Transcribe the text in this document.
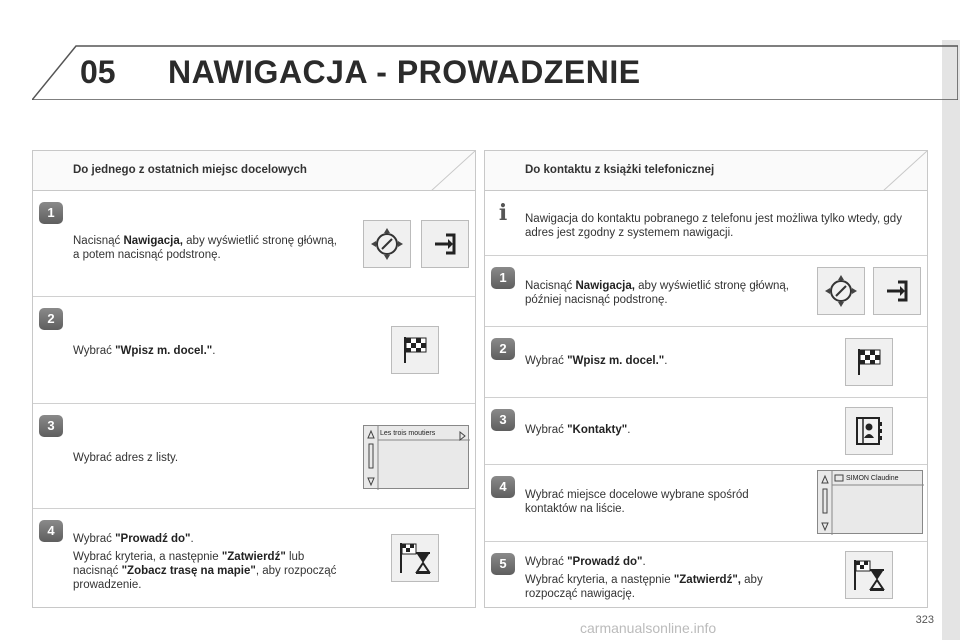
05 NAWIGACJA - PROWADZENIE
Do jednego z ostatnich miejsc docelowych
1
Nacisnąć Nawigacja, aby wyświetlić stronę główną, a potem nacisnąć podstronę.
2
Wybrać "Wpisz m. docel.".
3
Wybrać adres z listy.
Les trois moutiers
4

Wybrać "Prowadź do".

Wybrać kryteria, a następnie "Zatwierdź" lub nacisnąć "Zobacz trasę na mapie", aby rozpocząć prowadzenie.

Do kontaktu z książki telefonicznej
i	Nawigacja do kontaktu pobranego z telefonu jest możliwa tylko wtedy, gdy adres jest zgodny z systemem nawigacji.
1
Nacisnąć Nawigacja, aby wyświetlić stronę główną, później nacisnąć podstronę.
2
Wybrać "Wpisz m. docel.".
3
Wybrać "Kontakty".
4
Wybrać miejsce docelowe wybrane spośród kontaktów na liście.
SIMON Claudine
5	Wybrać "Prowadź do".

Wybrać kryteria, a następnie "Zatwierdź", aby rozpocząć nawigację.

carmanualsonline.info	323
